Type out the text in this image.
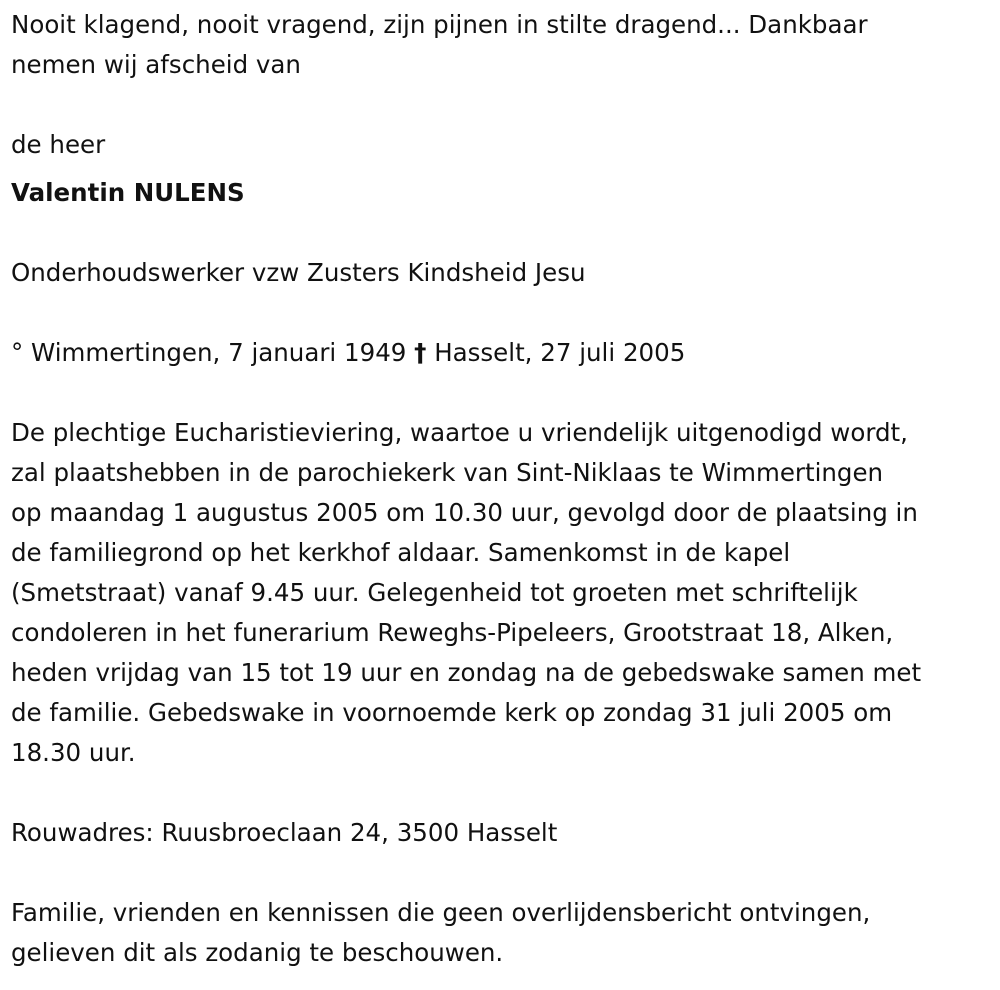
Nooit klagend, nooit vragend, zijn pijnen in stilte dragend... Dankbaar
nemen wij afscheid van

de heer

Valentin NULENS

Onderhoudswerker vzw Zusters Kindsheid Jesu

° Wimmertingen, 7 januari 1949 † Hasselt, 27 juli 2005

De plechtige Eucharistieviering, waartoe u vriendelijk uitgenodigd wordt,
zal plaatshebben in de parochiekerk van Sint-Niklaas te Wimmertingen
op maandag 1 augustus 2005 om 10.30 uur, gevolgd door de plaatsing in
de familiegrond op het kerkhof aldaar. Samenkomst in de kapel
(Smetstraat) vanaf 9.45 uur. Gelegenheid tot groeten met schriftelijk
condoleren in het funerarium Reweghs-Pipeleers, Grootstraat 18, Alken,
heden vrijdag van 15 tot 19 uur en zondag na de gebedswake samen met
de familie. Gebedswake in voornoemde kerk op zondag 31 juli 2005 om
18.30 uur.

Rouwadres: Ruusbroeclaan 24, 3500 Hasselt

Familie, vrienden en kennissen die geen overlijdensbericht ontvingen,
gelieven dit als zodanig te beschouwen.
